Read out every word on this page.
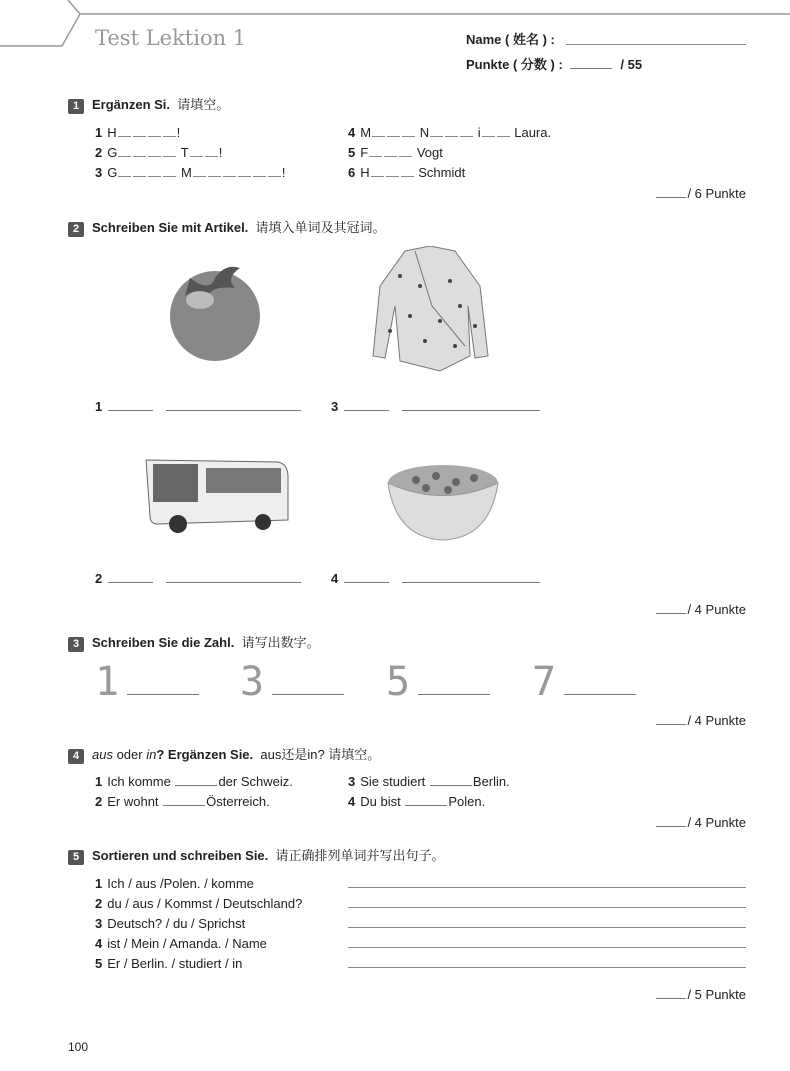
Test Lektion 1	Name ( 姓名 ) :
Punkte ( 分数 ) :	/ 55
1 Ergänzen Si. 请填空。
1 H	!
2 G	T !
3 G	M	!
4 M	N	i	Laura.
5 F	Vogt
6 H	Schmidt
/ 6 Punkte
2 Schreiben Sie mit Artikel. 请填入单词及其冠词。
1	3
2	4
/ 4 Punkte
3 Schreiben Sie die Zahl. 请写出数字。
1	3	5	7
/ 4 Punkte
4 aus oder in? Ergänzen Sie. aus还是in? 请填空。
1 Ich komme	der Schweiz.
2 Er wohnt	Österreich.
3 Sie studiert	Berlin.
4 Du bist	Polen.
/ 4 Punkte
5 Sortieren und schreiben Sie. 请正确排列单词并写出句子。
1 Ich / aus /Polen. / komme
2 du / aus / Kommst / Deutschland?
3 Deutsch? / du / Sprichst
4 ist / Mein / Amanda. / Name
5 Er / Berlin. / studiert / in
/ 5 Punkte
100
